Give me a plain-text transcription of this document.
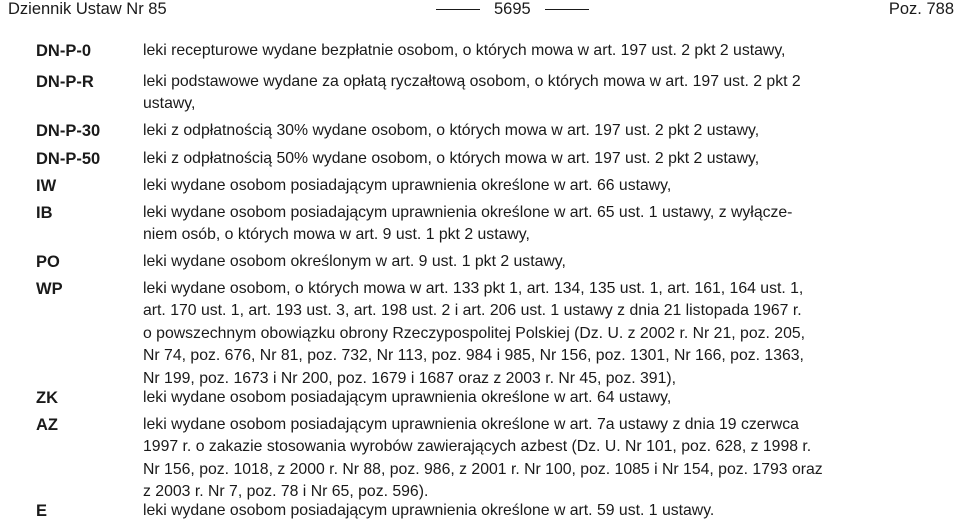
Dziennik Ustaw Nr 85	5695	Poz. 788
DN-P-0	leki recepturowe wydane bezpłatnie osobom, o których mowa w art. 197 ust. 2 pkt 2 ustawy,
DN-P-R	leki podstawowe wydane za opłatą ryczałtową osobom, o których mowa w art. 197 ust. 2 pkt 2
ustawy,
DN-P-30	leki z odpłatnością 30% wydane osobom, o których mowa w art. 197 ust. 2 pkt 2 ustawy,
DN-P-50	leki z odpłatnością 50% wydane osobom, o których mowa w art. 197 ust. 2 pkt 2 ustawy,
IW	leki wydane osobom posiadającym uprawnienia określone w art. 66 ustawy,
IB	leki wydane osobom posiadającym uprawnienia określone w art. 65 ust. 1 ustawy, z wyłącze-
niem osób, o których mowa w art. 9 ust. 1 pkt 2 ustawy,
PO	leki wydane osobom określonym w art. 9 ust. 1 pkt 2 ustawy,
WP	leki wydane osobom, o których mowa w art. 133 pkt 1, art. 134, 135 ust. 1, art. 161, 164 ust. 1,
art. 170 ust. 1, art. 193 ust. 3, art. 198 ust. 2 i art. 206 ust. 1 ustawy z dnia 21 listopada 1967 r.
o powszechnym obowiązku obrony Rzeczypospolitej Polskiej (Dz. U. z 2002 r. Nr 21, poz. 205,
Nr 74, poz. 676, Nr 81, poz. 732, Nr 113, poz. 984 i 985, Nr 156, poz. 1301, Nr 166, poz. 1363,
Nr 199, poz. 1673 i Nr 200, poz. 1679 i 1687 oraz z 2003 r. Nr 45, poz. 391),
ZK	leki wydane osobom posiadającym uprawnienia określone w art. 64 ustawy,
AZ	leki wydane osobom posiadającym uprawnienia określone w art. 7a ustawy z dnia 19 czerwca
1997 r. o zakazie stosowania wyrobów zawierających azbest (Dz. U. Nr 101, poz. 628, z 1998 r.
Nr 156, poz. 1018, z 2000 r. Nr 88, poz. 986, z 2001 r. Nr 100, poz. 1085 i Nr 154, poz. 1793 oraz
z 2003 r. Nr 7, poz. 78 i Nr 65, poz. 596).
E	leki wydane osobom posiadającym uprawnienia określone w art. 59 ust. 1 ustawy.
